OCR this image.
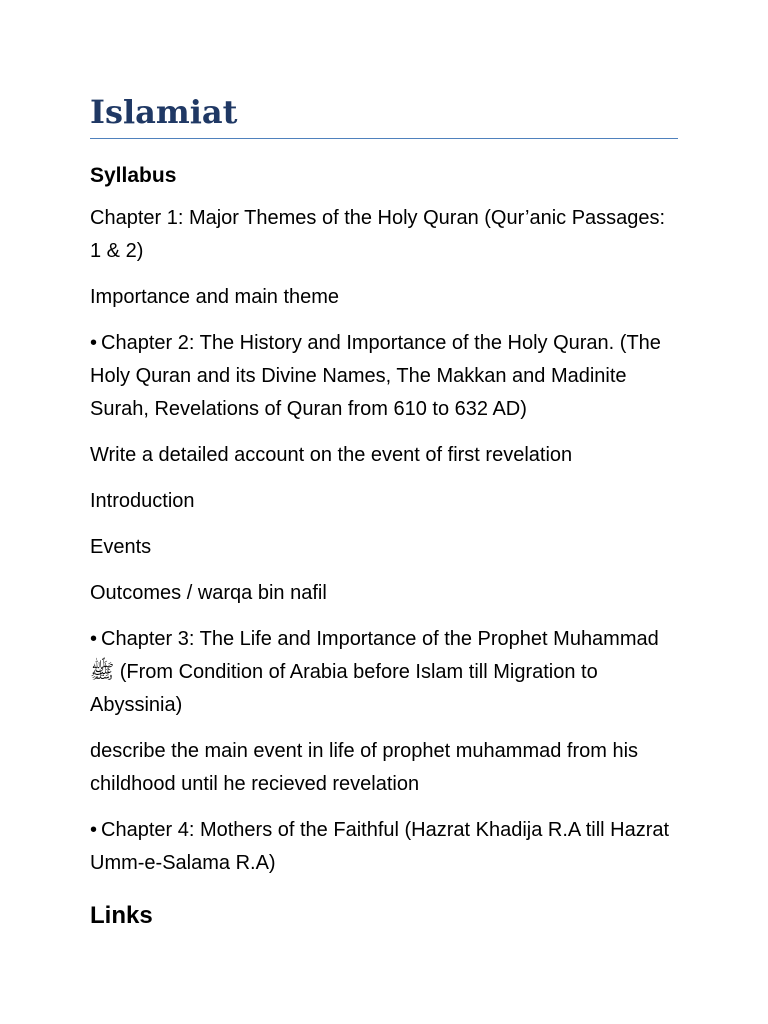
Islamiat
Syllabus

Chapter 1: Major Themes of the Holy Quran (Qur’anic Passages: 1 & 2)

Importance and main theme

• Chapter 2: The History and Importance of the Holy Quran. (The Holy Quran and its Divine Names, The Makkan and Madinite Surah, Revelations of Quran from 610 to 632 AD)

Write a detailed account on the event of first revelation

Introduction

Events

Outcomes / warqa bin nafil

• Chapter 3: The Life and Importance of the Prophet Muhammad ﷺ (From Condition of Arabia before Islam till Migration to Abyssinia)

describe the main event in life of prophet muhammad from his childhood until he recieved revelation

• Chapter 4: Mothers of the Faithful (Hazrat Khadija R.A till Hazrat Umm-e-Salama R.A)

Links
